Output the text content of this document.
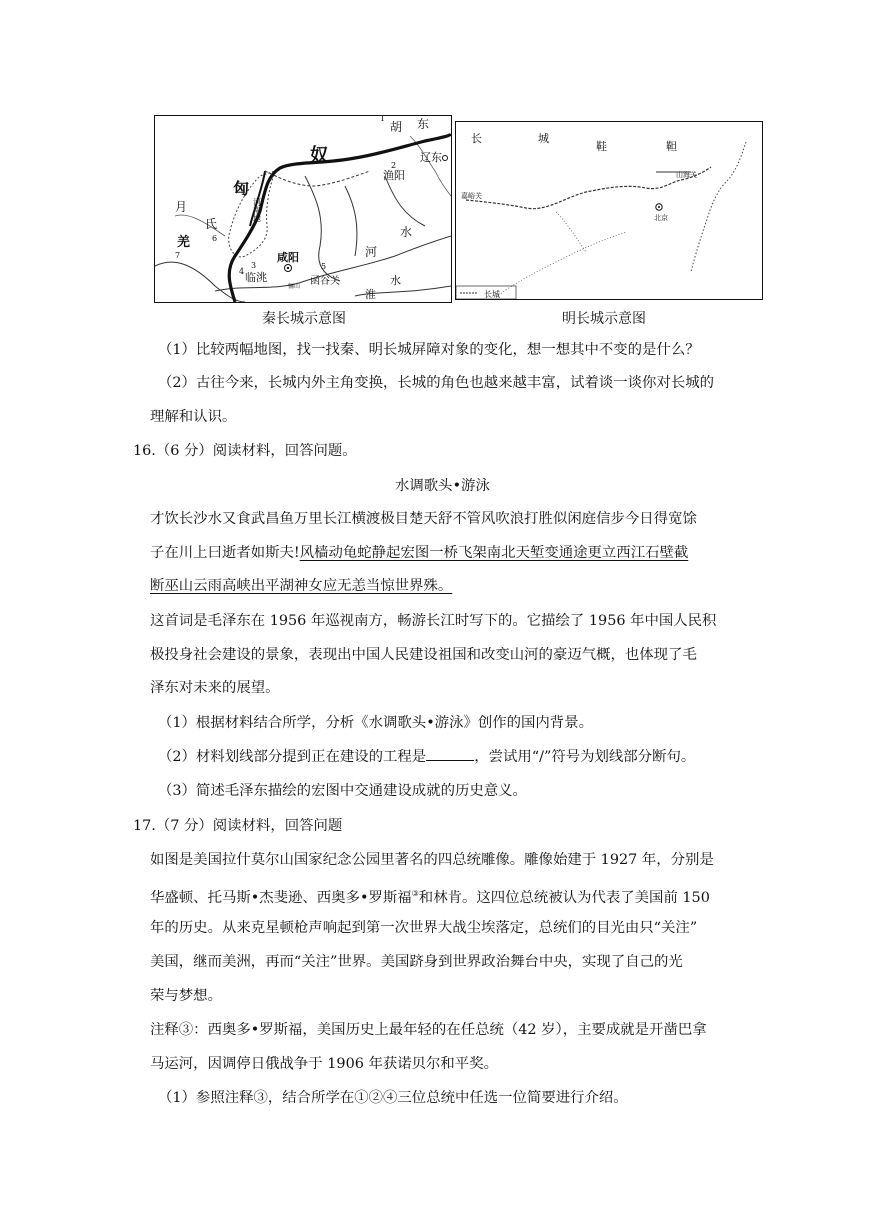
胡 东
奴
匈
辽东
渔阳
河南地
月
氏
羌
咸阳
临洮	函谷关
骊山
河
水
淮
水
1
2
3
4
5
6
7
长城
长	城
鞋	靼
山海关
嘉峪关
北京
秦长城示意图	明长城示意图
（1）比较两幅地图，找一找秦、明长城屏障对象的变化，想一想其中不变的是什么？
（2）古往今来，长城内外主角变换，长城的角色也越来越丰富，试着谈一谈你对长城的
理解和认识。
16.（6 分）阅读材料，回答问题。
水调歌头•游泳
才饮长沙水又食武昌鱼万里长江横渡极目楚天舒不管风吹浪打胜似闲庭信步今日得宽馀
子在川上曰逝者如斯夫!风樯动龟蛇静起宏图一桥飞架南北天堑变通途更立西江石壁截
断巫山云雨高峡出平湖神女应无恙当惊世界殊。
这首词是毛泽东在 1956 年巡视南方，畅游长江时写下的。它描绘了 1956 年中国人民积
极投身社会建设的景象，表现出中国人民建设祖国和改变山河的豪迈气概，也体现了毛
泽东对未来的展望。
（1）根据材料结合所学，分析《水调歌头•游泳》创作的国内背景。
（2）材料划线部分提到正在建设的工程是	，尝试用“/”符号为划线部分断句。
（3）简述毛泽东描绘的宏图中交通建设成就的历史意义。
17.（7 分）阅读材料，回答问题
如图是美国拉什莫尔山国家纪念公园里著名的四总统雕像。雕像始建于 1927 年，分别是
华盛顿、托马斯•杰斐逊、西奥多•罗斯福③和林肯。这四位总统被认为代表了美国前 150
年的历史。从来克星顿枪声响起到第一次世界大战尘埃落定，总统们的目光由只“关注”
美国，继而美洲，再而“关注”世界。美国跻身到世界政治舞台中央，实现了自己的光
荣与梦想。
注释③：西奥多•罗斯福，美国历史上最年轻的在任总统（42 岁），主要成就是开凿巴拿
马运河，因调停日俄战争于 1906 年获诺贝尔和平奖。
（1）参照注释③，结合所学在①②④三位总统中任选一位简要进行介绍。
